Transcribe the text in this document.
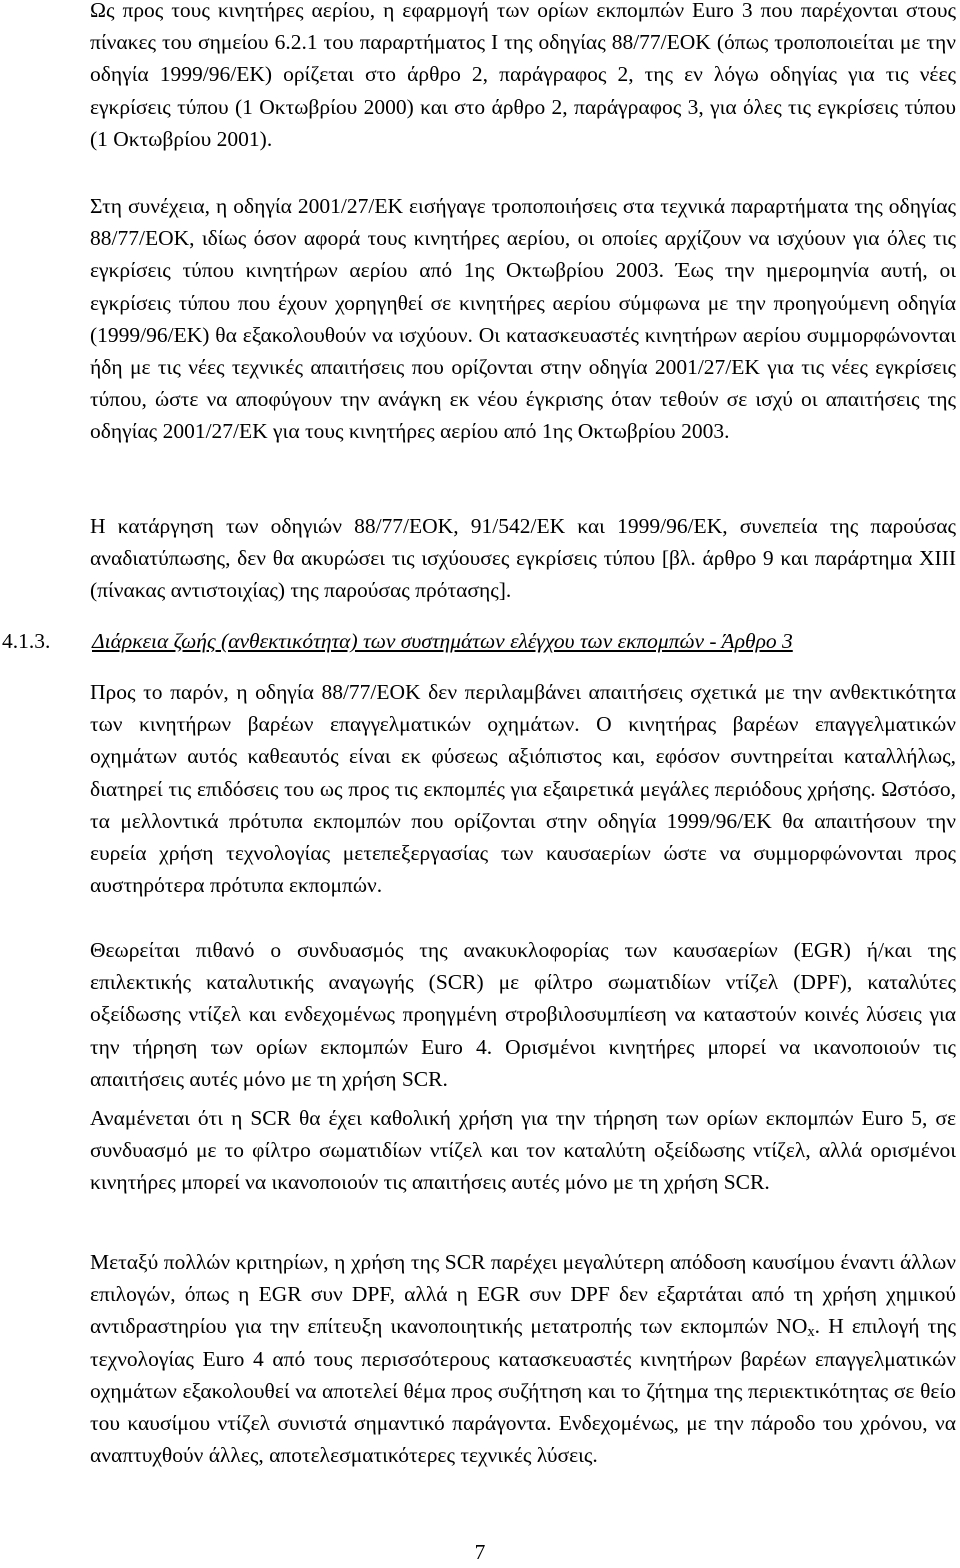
Ως προς τους κινητήρες αερίου, η εφαρμογή των ορίων εκπομπών Euro 3 που παρέχονται στους πίνακες του σημείου 6.2.1 του παραρτήματος Ι της οδηγίας 88/77/ΕΟΚ (όπως τροποποιείται με την οδηγία 1999/96/ΕΚ) ορίζεται στο άρθρο 2, παράγραφος 2, της εν λόγω οδηγίας για τις νέες εγκρίσεις τύπου (1 Οκτωβρίου 2000) και στο άρθρο 2, παράγραφος 3, για όλες τις εγκρίσεις τύπου (1 Οκτωβρίου 2001).

Στη συνέχεια, η οδηγία 2001/27/ΕΚ εισήγαγε τροποποιήσεις στα τεχνικά παραρτήματα της οδηγίας 88/77/ΕΟΚ, ιδίως όσον αφορά τους κινητήρες αερίου, οι οποίες αρχίζουν να ισχύουν για όλες τις εγκρίσεις τύπου κινητήρων αερίου από 1ης Οκτωβρίου 2003. Έως την ημερομηνία αυτή, οι εγκρίσεις τύπου που έχουν χορηγηθεί σε κινητήρες αερίου σύμφωνα με την προηγούμενη οδηγία (1999/96/ΕΚ) θα εξακολουθούν να ισχύουν. Οι κατασκευαστές κινητήρων αερίου συμμορφώνονται ήδη με τις νέες τεχνικές απαιτήσεις που ορίζονται στην οδηγία 2001/27/ΕΚ για τις νέες εγκρίσεις τύπου, ώστε να αποφύγουν την ανάγκη εκ νέου έγκρισης όταν τεθούν σε ισχύ οι απαιτήσεις της οδηγίας 2001/27/ΕΚ για τους κινητήρες αερίου από 1ης Οκτωβρίου 2003.

Η κατάργηση των οδηγιών 88/77/ΕΟΚ, 91/542/ΕΚ και 1999/96/ΕΚ, συνεπεία της παρούσας αναδιατύπωσης, δεν θα ακυρώσει τις ισχύουσες εγκρίσεις τύπου [βλ. άρθρο 9 και παράρτημα XIII (πίνακας αντιστοιχίας) της παρούσας πρότασης].

4.1.3. Διάρκεια ζωής (ανθεκτικότητα) των συστημάτων ελέγχου των εκπομπών - Άρθρο 3

Προς το παρόν, η οδηγία 88/77/ΕΟΚ δεν περιλαμβάνει απαιτήσεις σχετικά με την ανθεκτικότητα των κινητήρων βαρέων επαγγελματικών οχημάτων. Ο κινητήρας βαρέων επαγγελματικών οχημάτων αυτός καθεαυτός είναι εκ φύσεως αξιόπιστος και, εφόσον συντηρείται καταλλήλως, διατηρεί τις επιδόσεις του ως προς τις εκπομπές για εξαιρετικά μεγάλες περιόδους χρήσης. Ωστόσο, τα μελλοντικά πρότυπα εκπομπών που ορίζονται στην οδηγία 1999/96/ΕΚ θα απαιτήσουν την ευρεία χρήση τεχνολογίας μετεπεξεργασίας των καυσαερίων ώστε να συμμορφώνονται προς αυστηρότερα πρότυπα εκπομπών.

Θεωρείται πιθανό ο συνδυασμός της ανακυκλοφορίας των καυσαερίων (EGR) ή/και της επιλεκτικής καταλυτικής αναγωγής (SCR) με φίλτρο σωματιδίων ντίζελ (DPF), καταλύτες οξείδωσης ντίζελ και ενδεχομένως προηγμένη στροβιλοσυμπίεση να καταστούν κοινές λύσεις για την τήρηση των ορίων εκπομπών Euro 4. Ορισμένοι κινητήρες μπορεί να ικανοποιούν τις απαιτήσεις αυτές μόνο με τη χρήση SCR.

Αναμένεται ότι η SCR θα έχει καθολική χρήση για την τήρηση των ορίων εκπομπών Euro 5, σε συνδυασμό με το φίλτρο σωματιδίων ντίζελ και τον καταλύτη οξείδωσης ντίζελ, αλλά ορισμένοι κινητήρες μπορεί να ικανοποιούν τις απαιτήσεις αυτές μόνο με τη χρήση SCR.

Μεταξύ πολλών κριτηρίων, η χρήση της SCR παρέχει μεγαλύτερη απόδοση καυσίμου έναντι άλλων επιλογών, όπως η EGR συν DPF, αλλά η EGR συν DPF δεν εξαρτάται από τη χρήση χημικού αντιδραστηρίου για την επίτευξη ικανοποιητικής μετατροπής των εκπομπών $NO_x$. Η επιλογή της τεχνολογίας Euro 4 από τους περισσότερους κατασκευαστές κινητήρων βαρέων επαγγελματικών οχημάτων εξακολουθεί να αποτελεί θέμα προς συζήτηση και το ζήτημα της περιεκτικότητας σε θείο του καυσίμου ντίζελ συνιστά σημαντικό παράγοντα. Ενδεχομένως, με την πάροδο του χρόνου, να αναπτυχθούν άλλες, αποτελεσματικότερες τεχνικές λύσεις.

7
